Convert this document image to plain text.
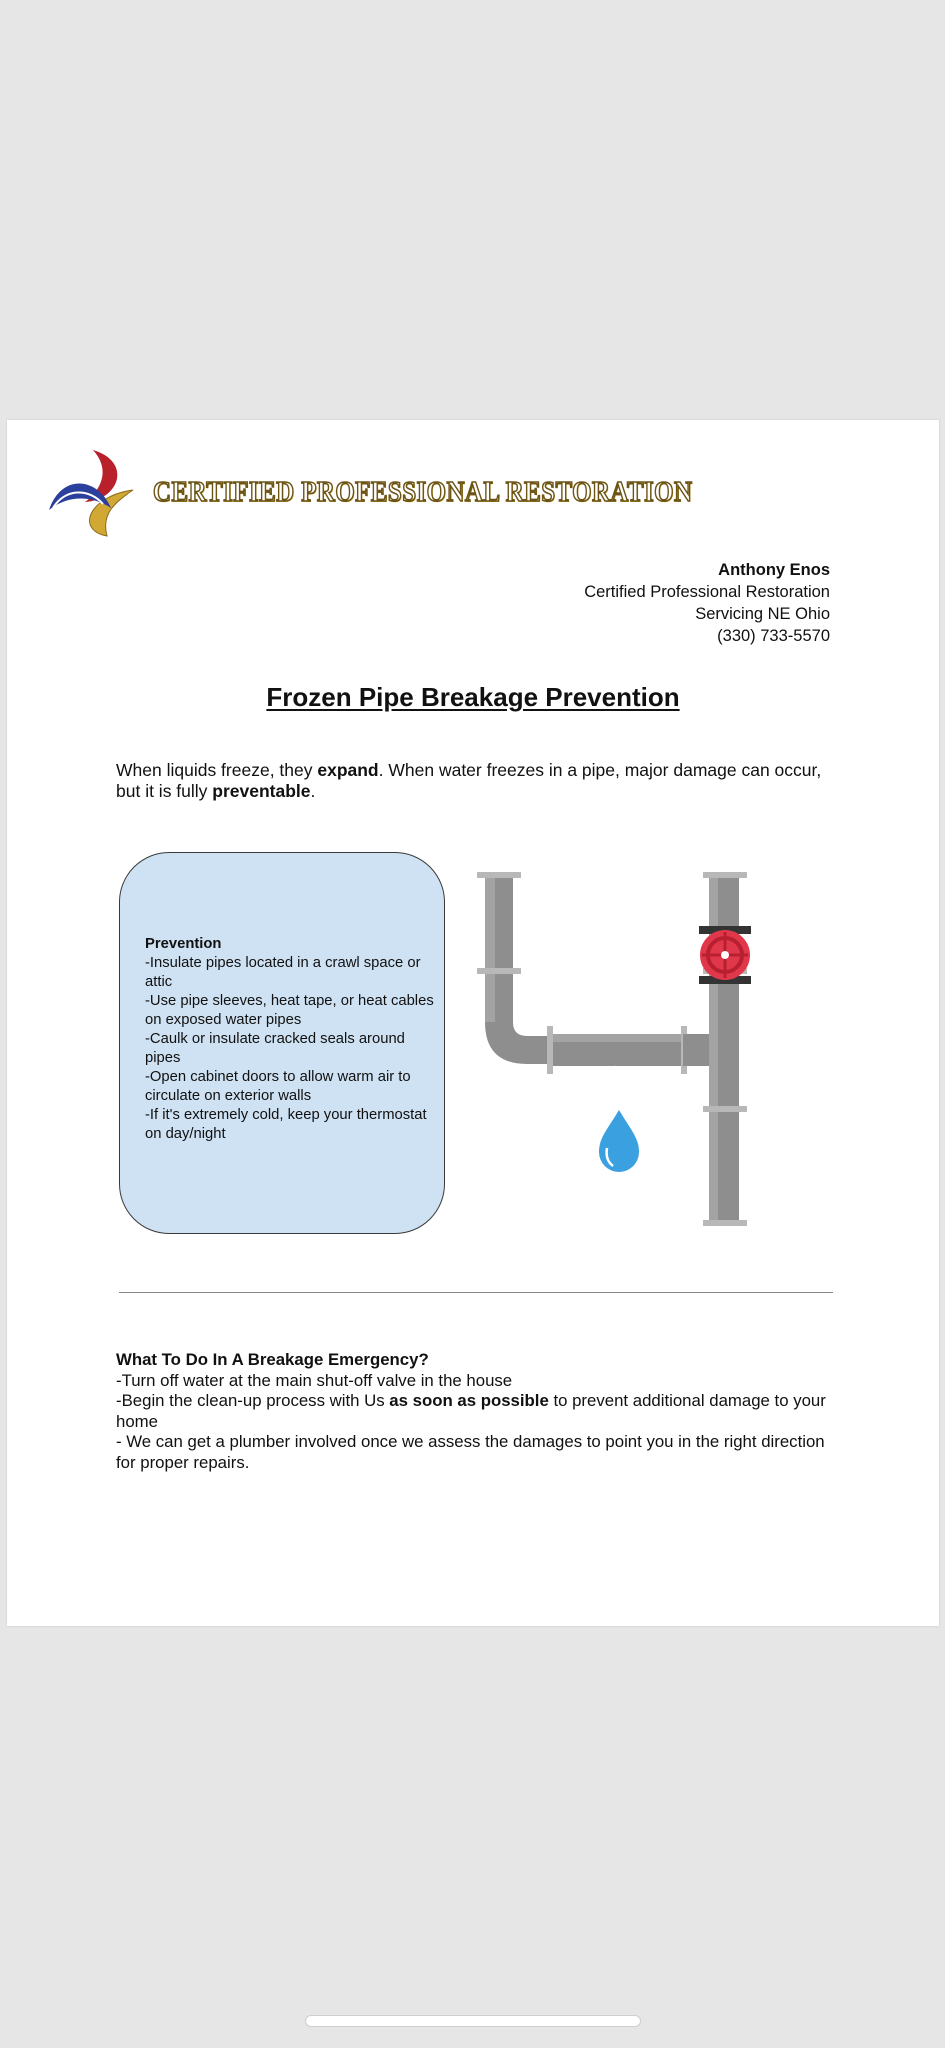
CERTIFIED PROFESSIONAL RESTORATION
Anthony Enos
Certified Professional Restoration
Servicing NE Ohio
(330) 733-5570
Frozen Pipe Breakage Prevention
When liquids freeze, they expand. When water freezes in a pipe, major damage can occur, but it is fully preventable.
Prevention
-Insulate pipes located in a crawl space or attic
-Use pipe sleeves, heat tape, or heat cables on exposed water pipes
-Caulk or insulate cracked seals around pipes
-Open cabinet doors to allow warm air to circulate on exterior walls
-If it's extremely cold, keep your thermostat on day/night
What To Do In A Breakage Emergency?
-Turn off water at the main shut-off valve in the house
-Begin the clean-up process with Us as soon as possible to prevent additional damage to your home
- We can get a plumber involved once we assess the damages to point you in the right direction for proper repairs.
